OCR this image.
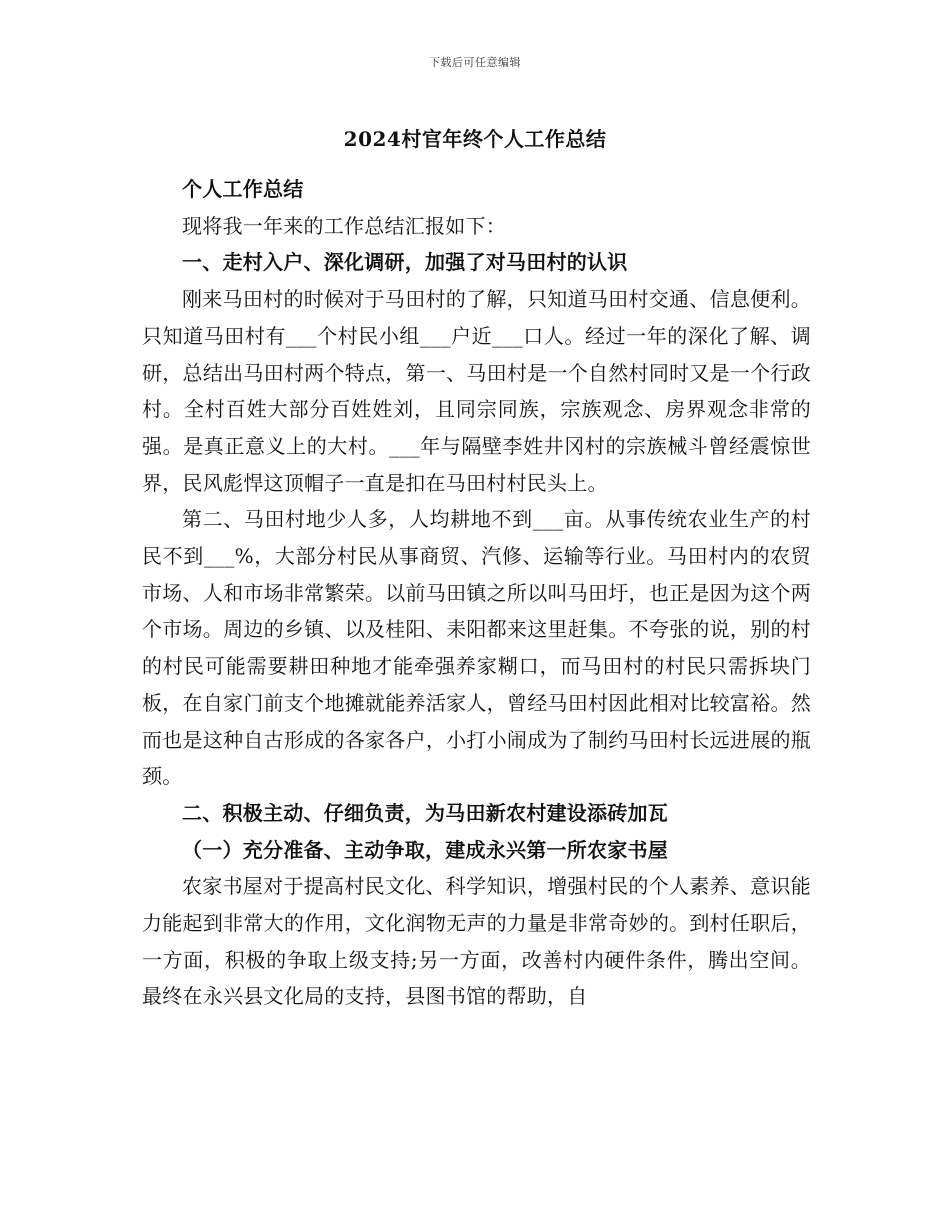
下载后可任意编辑
2024村官年终个人工作总结

个人工作总结

现将我一年来的工作总结汇报如下：

一、走村入户、深化调研，加强了对马田村的认识

刚来马田村的时候对于马田村的了解，只知道马田村交通、信息便利。只知道马田村有___个村民小组___户近___口人。经过一年的深化了解、调研，总结出马田村两个特点，第一、马田村是一个自然村同时又是一个行政村。全村百姓大部分百姓姓刘，且同宗同族，宗族观念、房界观念非常的强。是真正意义上的大村。___年与隔壁李姓井冈村的宗族械斗曾经震惊世界，民风彪悍这顶帽子一直是扣在马田村村民头上。

第二、马田村地少人多，人均耕地不到___亩。从事传统农业生产的村民不到___%，大部分村民从事商贸、汽修、运输等行业。马田村内的农贸市场、人和市场非常繁荣。以前马田镇之所以叫马田圩，也正是因为这个两个市场。周边的乡镇、以及桂阳、耒阳都来这里赶集。不夸张的说，别的村的村民可能需要耕田种地才能牵强养家糊口，而马田村的村民只需拆块门板，在自家门前支个地摊就能养活家人，曾经马田村因此相对比较富裕。然而也是这种自古形成的各家各户，小打小闹成为了制约马田村长远进展的瓶颈。

二、积极主动、仔细负责，为马田新农村建设添砖加瓦

（一）充分准备、主动争取，建成永兴第一所农家书屋

农家书屋对于提高村民文化、科学知识，增强村民的个人素养、意识能力能起到非常大的作用，文化润物无声的力量是非常奇妙的。到村任职后，一方面，积极的争取上级支持;另一方面，改善村内硬件条件，腾出空间。最终在永兴县文化局的支持，县图书馆的帮助，自
